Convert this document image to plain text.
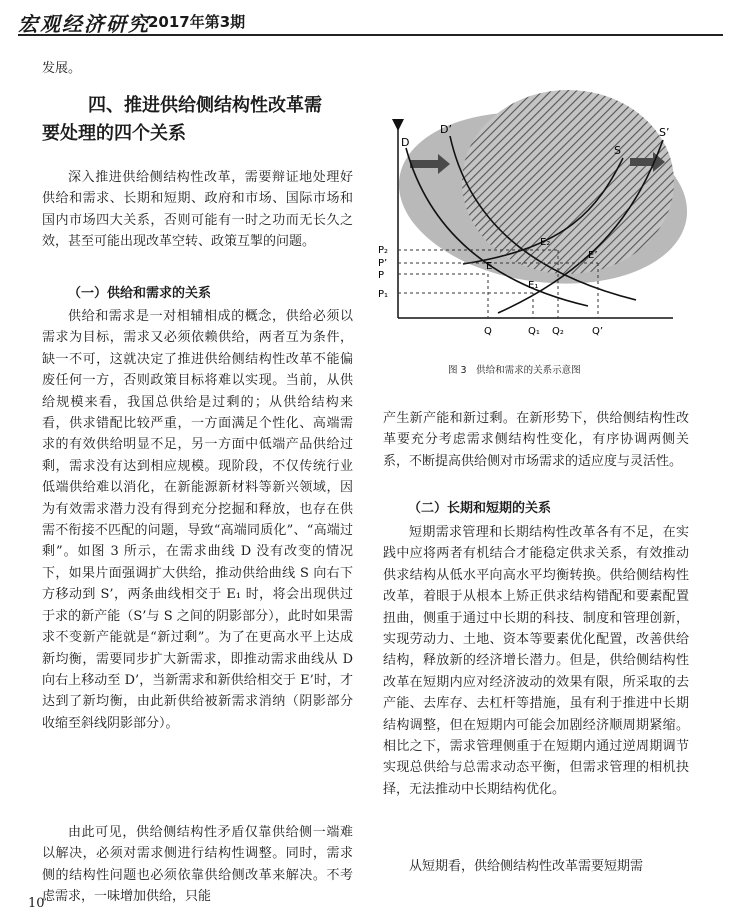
宏观经济研究
2017年第3期

发展。

四、推进供给侧结构性改革需
要处理的四个关系

深入推进供给侧结构性改革，需要辩证地处理好供给和需求、长期和短期、政府和市场、国际市场和国内市场四大关系，否则可能有一时之功而无长久之效，甚至可能出现改革空转、政策互掣的问题。

（一）供给和需求的关系

供给和需求是一对相辅相成的概念，供给必须以需求为目标，需求又必须依赖供给，两者互为条件，缺一不可，这就决定了推进供给侧结构性改革不能偏废任何一方，否则政策目标将难以实现。当前，从供给规模来看，我国总供给是过剩的；从供给结构来看，供求错配比较严重，一方面满足个性化、高端需求的有效供给明显不足，另一方面中低端产品供给过剩，需求没有达到相应规模。现阶段，不仅传统行业低端供给难以消化，在新能源新材料等新兴领域，因为有效需求潜力没有得到充分挖掘和释放，也存在供需不衔接不匹配的问题，导致“高端同质化”、“高端过剩”。如图 3 所示，在需求曲线 D 没有改变的情况下，如果片面强调扩大供给，推动供给曲线 S 向右下方移动到 S’，两条曲线相交于 E₁ 时，将会出现供过于求的新产能（S’与 S 之间的阴影部分），此时如果需求不变新产能就是“新过剩”。为了在更高水平上达成新均衡，需要同步扩大新需求，即推动需求曲线从 D 向右上移动至 D’，当新需求和新供给相交于 E’时，才达到了新均衡，由此新供给被新需求消纳（阴影部分收缩至斜线阴影部分）。

由此可见，供给侧结构性矛盾仅靠供给侧一端难以解决，必须对需求侧进行结构性调整。同时，需求侧的结构性问题也必须依靠供给侧改革来解决。不考虑需求，一味增加供给，只能

10
D
D’
S
S’
E₂
E’
E
E₁
P₂
P’
P
P₁
Q	Q₁ Q₂	Q’
图 3　供给和需求的关系示意图

产生新产能和新过剩。在新形势下，供给侧结构性改革要充分考虑需求侧结构性变化，有序协调两侧关系，不断提高供给侧对市场需求的适应度与灵活性。

（二）长期和短期的关系

短期需求管理和长期结构性改革各有不足，在实践中应将两者有机结合才能稳定供求关系，有效推动供求结构从低水平向高水平均衡转换。供给侧结构性改革，着眼于从根本上矫正供求结构错配和要素配置扭曲，侧重于通过中长期的科技、制度和管理创新，实现劳动力、土地、资本等要素优化配置，改善供给结构，释放新的经济增长潜力。但是，供给侧结构性改革在短期内应对经济波动的效果有限，所采取的去产能、去库存、去杠杆等措施，虽有利于推进中长期结构调整，但在短期内可能会加剧经济顺周期紧缩。相比之下，需求管理侧重于在短期内通过逆周期调节实现总供给与总需求动态平衡，但需求管理的相机抉择，无法推动中长期结构优化。

从短期看，供给侧结构性改革需要短期需
